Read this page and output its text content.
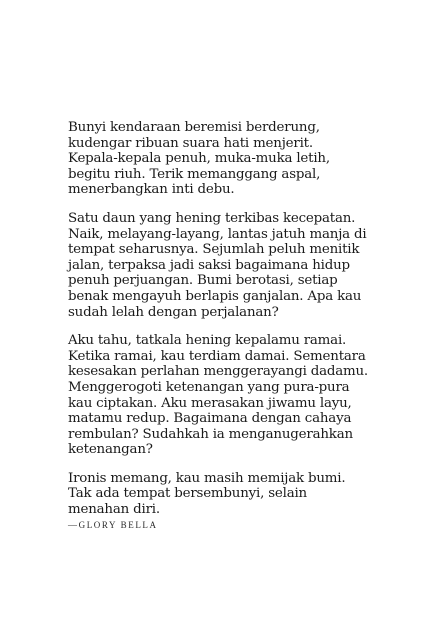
Bunyi kendaraan beremisi berderung,
kudengar ribuan suara hati menjerit.
Kepala-kepala penuh, muka-muka letih,
begitu riuh. Terik memanggang aspal,
menerbangkan inti debu.
Satu daun yang hening terkibas kecepatan.
Naik, melayang-layang, lantas jatuh manja di
tempat seharusnya. Sejumlah peluh menitik
jalan, terpaksa jadi saksi bagaimana hidup
penuh perjuangan. Bumi berotasi, setiap
benak mengayuh berlapis ganjalan. Apa kau
sudah lelah dengan perjalanan?
Aku tahu, tatkala hening kepalamu ramai.
Ketika ramai, kau terdiam damai. Sementara
kesesakan perlahan menggerayangi dadamu.
Menggerogoti ketenangan yang pura-pura
kau ciptakan. Aku merasakan jiwamu layu,
matamu redup. Bagaimana dengan cahaya
rembulan? Sudahkah ia menganugerahkan
ketenangan?
Ironis memang, kau masih memijak bumi.
Tak ada tempat bersembunyi, selain
menahan diri.
—GLORY BELLA
